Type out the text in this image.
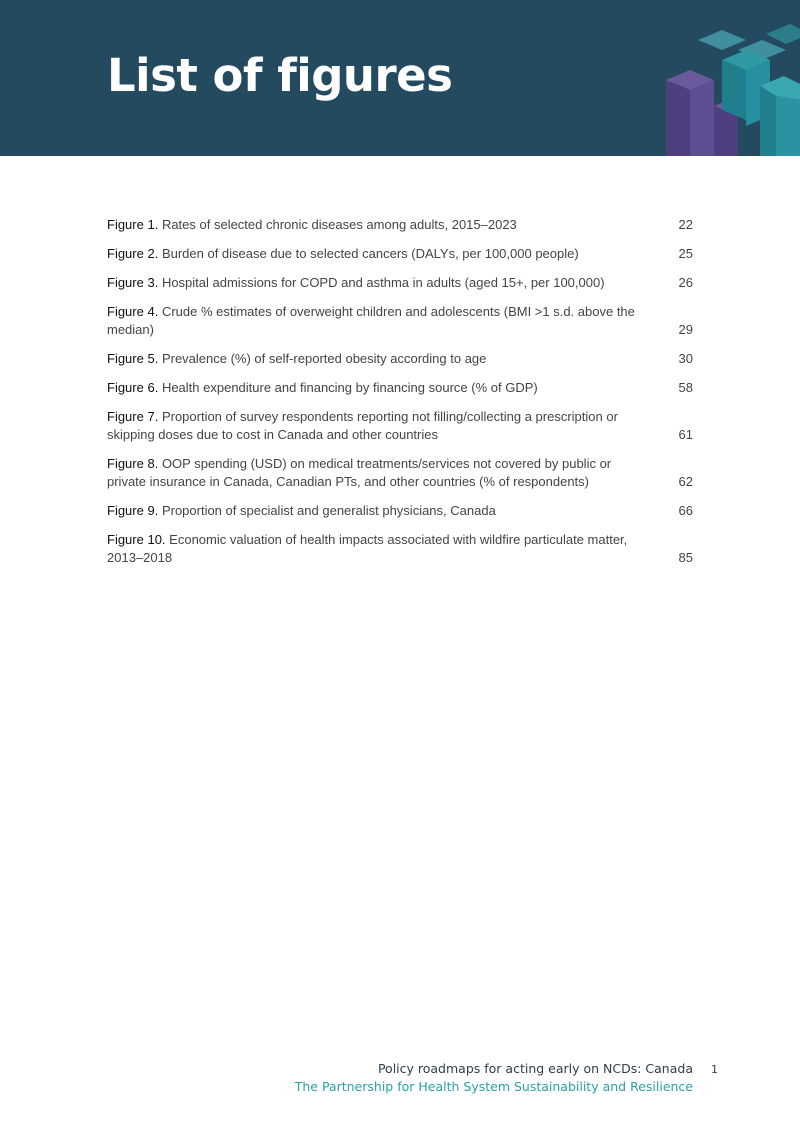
List of figures
Figure 1. Rates of selected chronic diseases among adults, 2015–2023	22
Figure 2. Burden of disease due to selected cancers (DALYs, per 100,000 people)	25
Figure 3. Hospital admissions for COPD and asthma in adults (aged 15+, per 100,000)	26
Figure 4. Crude % estimates of overweight children and adolescents (BMI >1 s.d. above the median)	29
Figure 5. Prevalence (%) of self-reported obesity according to age	30
Figure 6. Health expenditure and financing by financing source (% of GDP)	58
Figure 7. Proportion of survey respondents reporting not filling/collecting a prescription or skipping doses due to cost in Canada and other countries	61
Figure 8. OOP spending (USD) on medical treatments/services not covered by public or private insurance in Canada, Canadian PTs, and other countries (% of respondents)	62
Figure 9. Proportion of specialist and generalist physicians, Canada	66
Figure 10. Economic valuation of health impacts associated with wildfire particulate matter, 2013–2018	85
Policy roadmaps for acting early on NCDs: Canada
The Partnership for Health System Sustainability and Resilience
1
